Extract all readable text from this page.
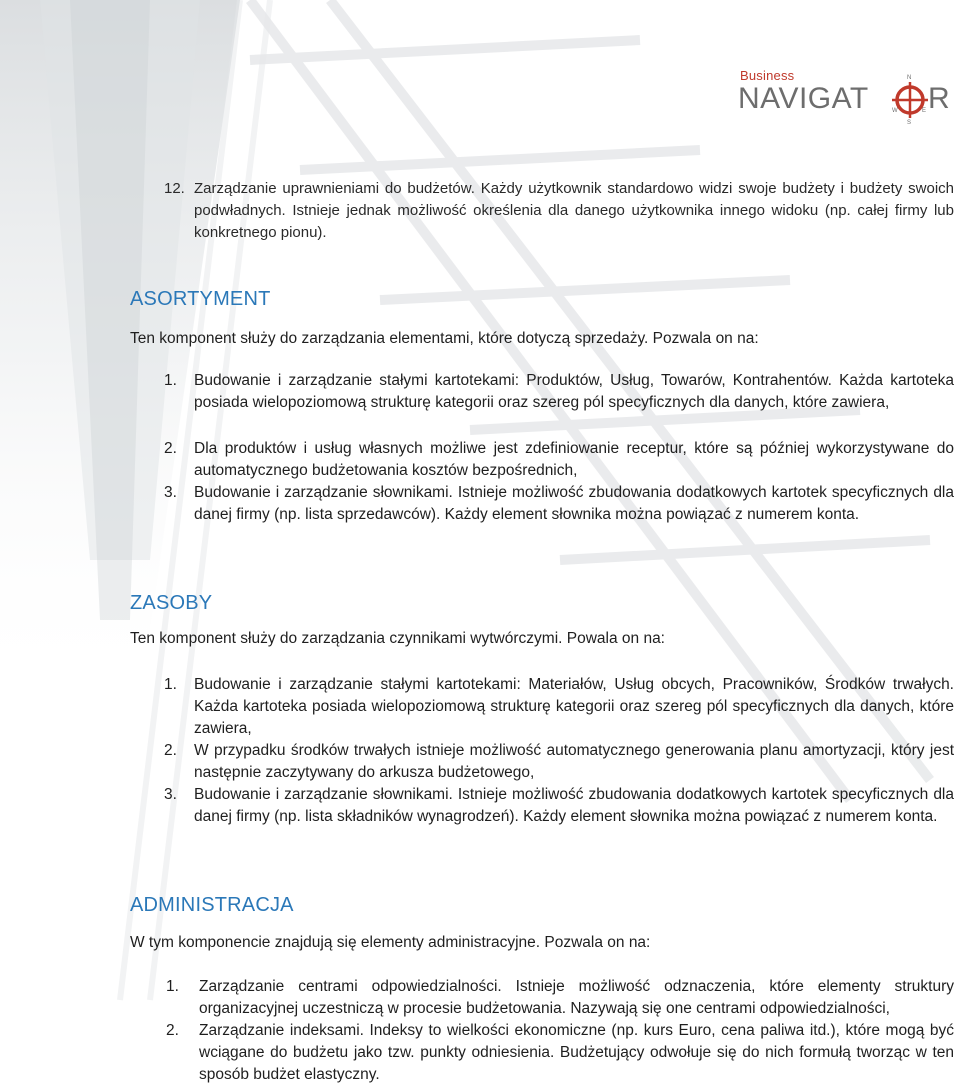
Business
NAVIGAT
N
S
W	E R
12. Zarządzanie uprawnieniami do budżetów. Każdy użytkownik standardowo widzi swoje budżety i budżety swoich podwładnych. Istnieje jednak możliwość określenia dla danego użytkownika innego widoku (np. całej firmy lub konkretnego pionu).
ASORTYMENT
Ten komponent służy do zarządzania elementami, które dotyczą sprzedaży. Pozwala on na:
1. Budowanie i zarządzanie stałymi kartotekami: Produktów, Usług, Towarów, Kontrahentów. Każda kartoteka posiada wielopoziomową strukturę kategorii oraz szereg pól specyficznych dla danych, które zawiera,
2. Dla produktów i usług własnych możliwe jest zdefiniowanie receptur, które są później wykorzystywane do automatycznego budżetowania kosztów bezpośrednich,
3. Budowanie i zarządzanie słownikami. Istnieje możliwość zbudowania dodatkowych kartotek specyficznych dla danej firmy (np. lista sprzedawców). Każdy element słownika można powiązać z numerem konta.
ZASOBY
Ten komponent służy do zarządzania czynnikami wytwórczymi. Powala on na:
1. Budowanie i zarządzanie stałymi kartotekami: Materiałów, Usług obcych, Pracowników, Środków trwałych. Każda kartoteka posiada wielopoziomową strukturę kategorii oraz szereg pól specyficznych dla danych, które zawiera,
2. W przypadku środków trwałych istnieje możliwość automatycznego generowania planu amortyzacji, który jest następnie zaczytywany do arkusza budżetowego,
3. Budowanie i zarządzanie słownikami. Istnieje możliwość zbudowania dodatkowych kartotek specyficznych dla danej firmy (np. lista składników wynagrodzeń). Każdy element słownika można powiązać z numerem konta.
ADMINISTRACJA
W tym komponencie znajdują się elementy administracyjne. Pozwala on na:
1. Zarządzanie centrami odpowiedzialności. Istnieje możliwość odznaczenia, które elementy struktury organizacyjnej uczestniczą w procesie budżetowania. Nazywają się one centrami odpowiedzialności,
2. Zarządzanie indeksami. Indeksy to wielkości ekonomiczne (np. kurs Euro, cena paliwa itd.), które mogą być wciągane do budżetu jako tzw. punkty odniesienia. Budżetujący odwołuje się do nich formułą tworząc w ten sposób budżet elastyczny.
